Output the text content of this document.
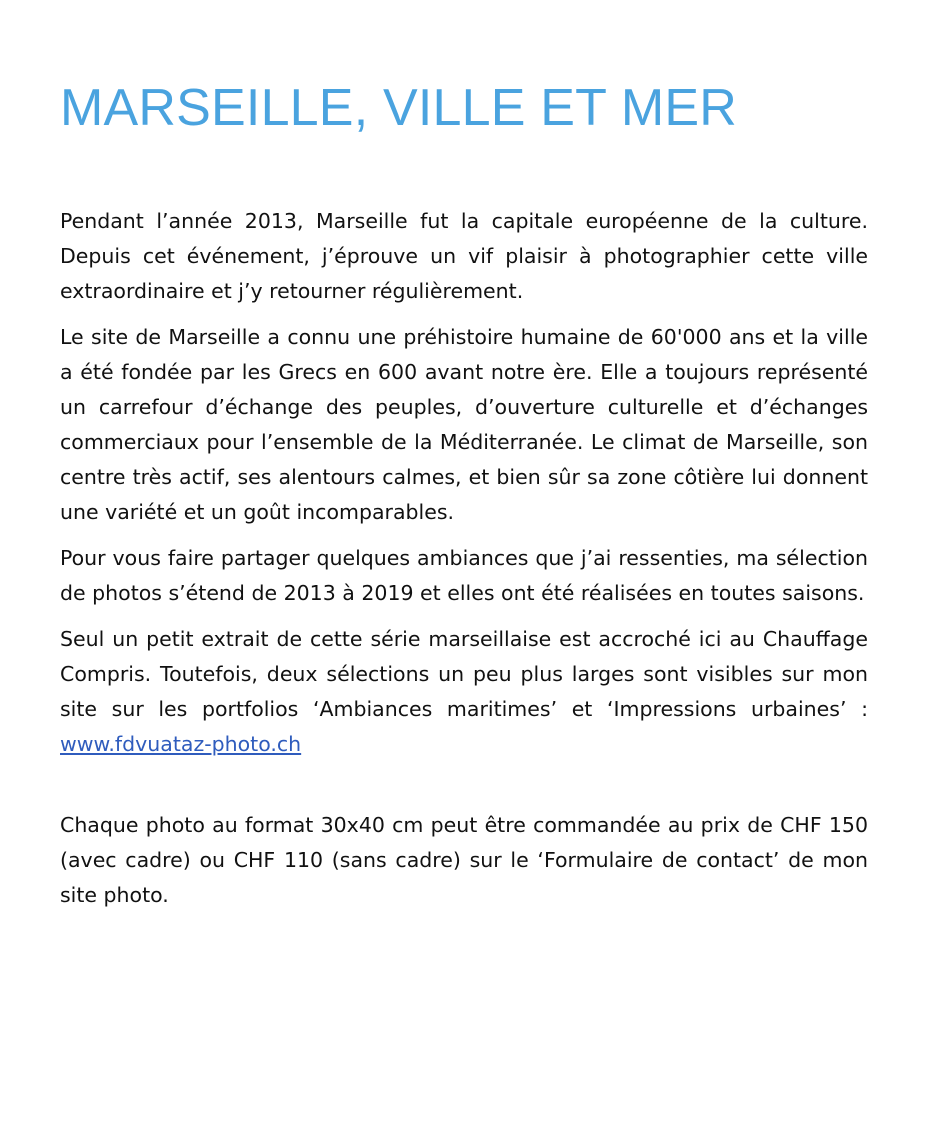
MARSEILLE, VILLE ET MER

Pendant l’année 2013, Marseille fut la capitale européenne de la culture. Depuis cet événement, j’éprouve un vif plaisir à photographier cette ville extraordinaire et j’y retourner régulièrement.

Le site de Marseille a connu une préhistoire humaine de 60'000 ans et la ville a été fondée par les Grecs en 600 avant notre ère. Elle a toujours représenté un carrefour d’échange des peuples, d’ouverture culturelle et d’échanges commerciaux pour l’ensemble de la Méditerranée. Le climat de Marseille, son centre très actif, ses alentours calmes, et bien sûr sa zone côtière lui donnent une variété et un goût incomparables.

Pour vous faire partager quelques ambiances que j’ai ressenties, ma sélection de photos s’étend de 2013 à 2019 et elles ont été réalisées en toutes saisons.

Seul un petit extrait de cette série marseillaise est accroché ici au Chauffage Compris. Toutefois, deux sélections un peu plus larges sont visibles sur mon site sur les portfolios ‘Ambiances maritimes’ et ‘Impressions urbaines’ : www.fdvuataz-photo.ch

Chaque photo au format 30x40 cm peut être commandée au prix de CHF 150 (avec cadre) ou CHF 110 (sans cadre) sur le ‘Formulaire de contact’ de mon site photo.
